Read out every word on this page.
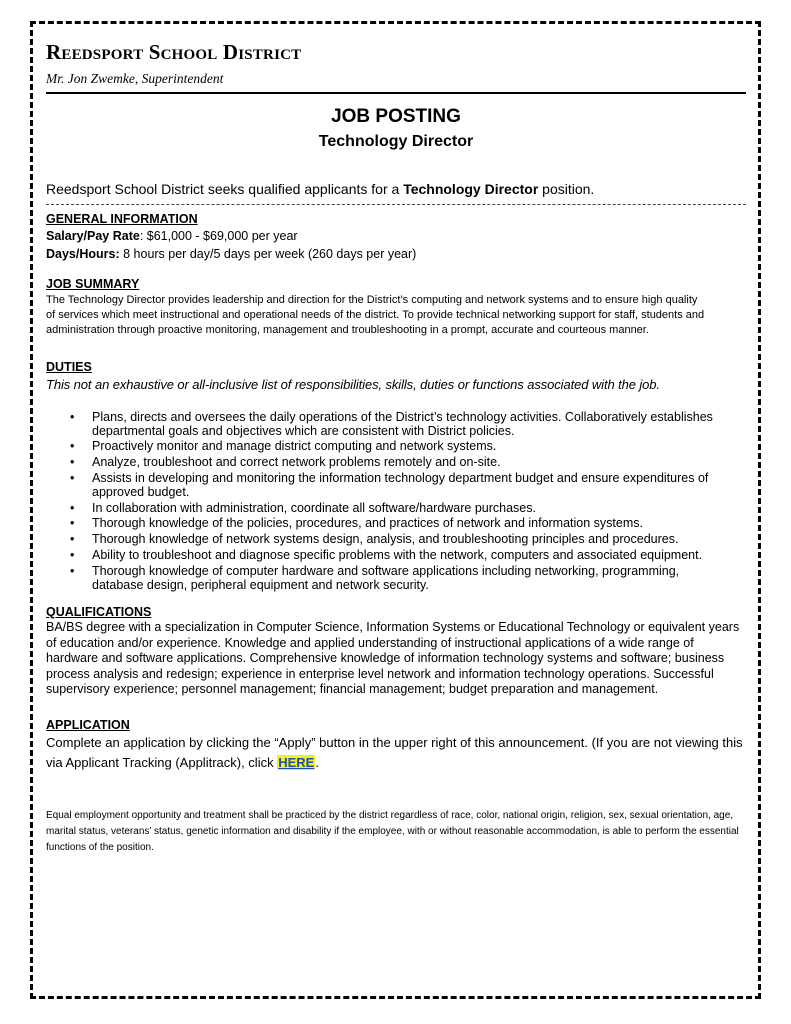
Reedsport School District
Mr. Jon Zwemke, Superintendent
JOB POSTING
Technology Director
Reedsport School District seeks qualified applicants for a Technology Director position.
GENERAL INFORMATION
Salary/Pay Rate: $61,000 - $69,000 per year
Days/Hours: 8 hours per day/5 days per week (260 days per year)
JOB SUMMARY
The Technology Director provides leadership and direction for the District’s computing and network systems and to ensure high quality of services which meet instructional and operational needs of the district. To provide technical networking support for staff, students and administration through proactive monitoring, management and troubleshooting in a prompt, accurate and courteous manner.
DUTIES
This not an exhaustive or all-inclusive list of responsibilities, skills, duties or functions associated with the job.
• Plans, directs and oversees the daily operations of the District’s technology activities. Collaboratively establishes departmental goals and objectives which are consistent with District policies.
• Proactively monitor and manage district computing and network systems.
• Analyze, troubleshoot and correct network problems remotely and on-site.
• Assists in developing and monitoring the information technology department budget and ensure expenditures of approved budget.
• In collaboration with administration, coordinate all software/hardware purchases.
• Thorough knowledge of the policies, procedures, and practices of network and information systems.
• Thorough knowledge of network systems design, analysis, and troubleshooting principles and procedures.
• Ability to troubleshoot and diagnose specific problems with the network, computers and associated equipment.
• Thorough knowledge of computer hardware and software applications including networking, programming, database design, peripheral equipment and network security.
QUALIFICATIONS
BA/BS degree with a specialization in Computer Science, Information Systems or Educational Technology or equivalent years of education and/or experience. Knowledge and applied understanding of instructional applications of a wide range of hardware and software applications. Comprehensive knowledge of information technology systems and software; business process analysis and redesign; experience in enterprise level network and information technology operations. Successful supervisory experience; personnel management; financial management; budget preparation and management.
APPLICATION
Complete an application by clicking the “Apply” button in the upper right of this announcement. (If you are not viewing this via Applicant Tracking (Applitrack), click HERE.
Equal employment opportunity and treatment shall be practiced by the district regardless of race, color, national origin, religion, sex, sexual orientation, age, marital status, veterans’ status, genetic information and disability if the employee, with or without reasonable accommodation, is able to perform the essential functions of the position.
